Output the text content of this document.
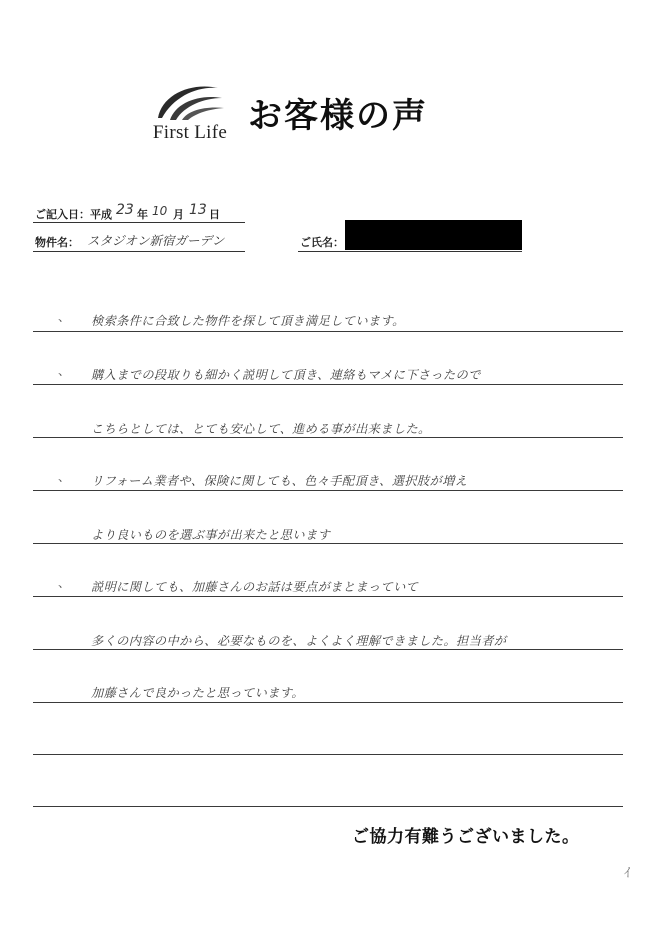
First Life お客様の声
ご記入日：平成 23 年 10 月 13 日
物件名： スタジオン新宿ガーデン	ご氏名：
、 検索条件に合致した物件を探して頂き満足しています。
、 購入までの段取りも細かく説明して頂き、連絡もマメに下さったので
こちらとしては、とても安心して、進める事が出来ました。
、 リフォーム業者や、保険に関しても、色々手配頂き、選択肢が増え
より良いものを選ぶ事が出来たと思います
、 説明に関しても、加藤さんのお話は要点がまとまっていて
多くの内容の中から、必要なものを、よくよく理解できました。担当者が
加藤さんで良かったと思っています。
ご協力有難うございました。
ｲ
